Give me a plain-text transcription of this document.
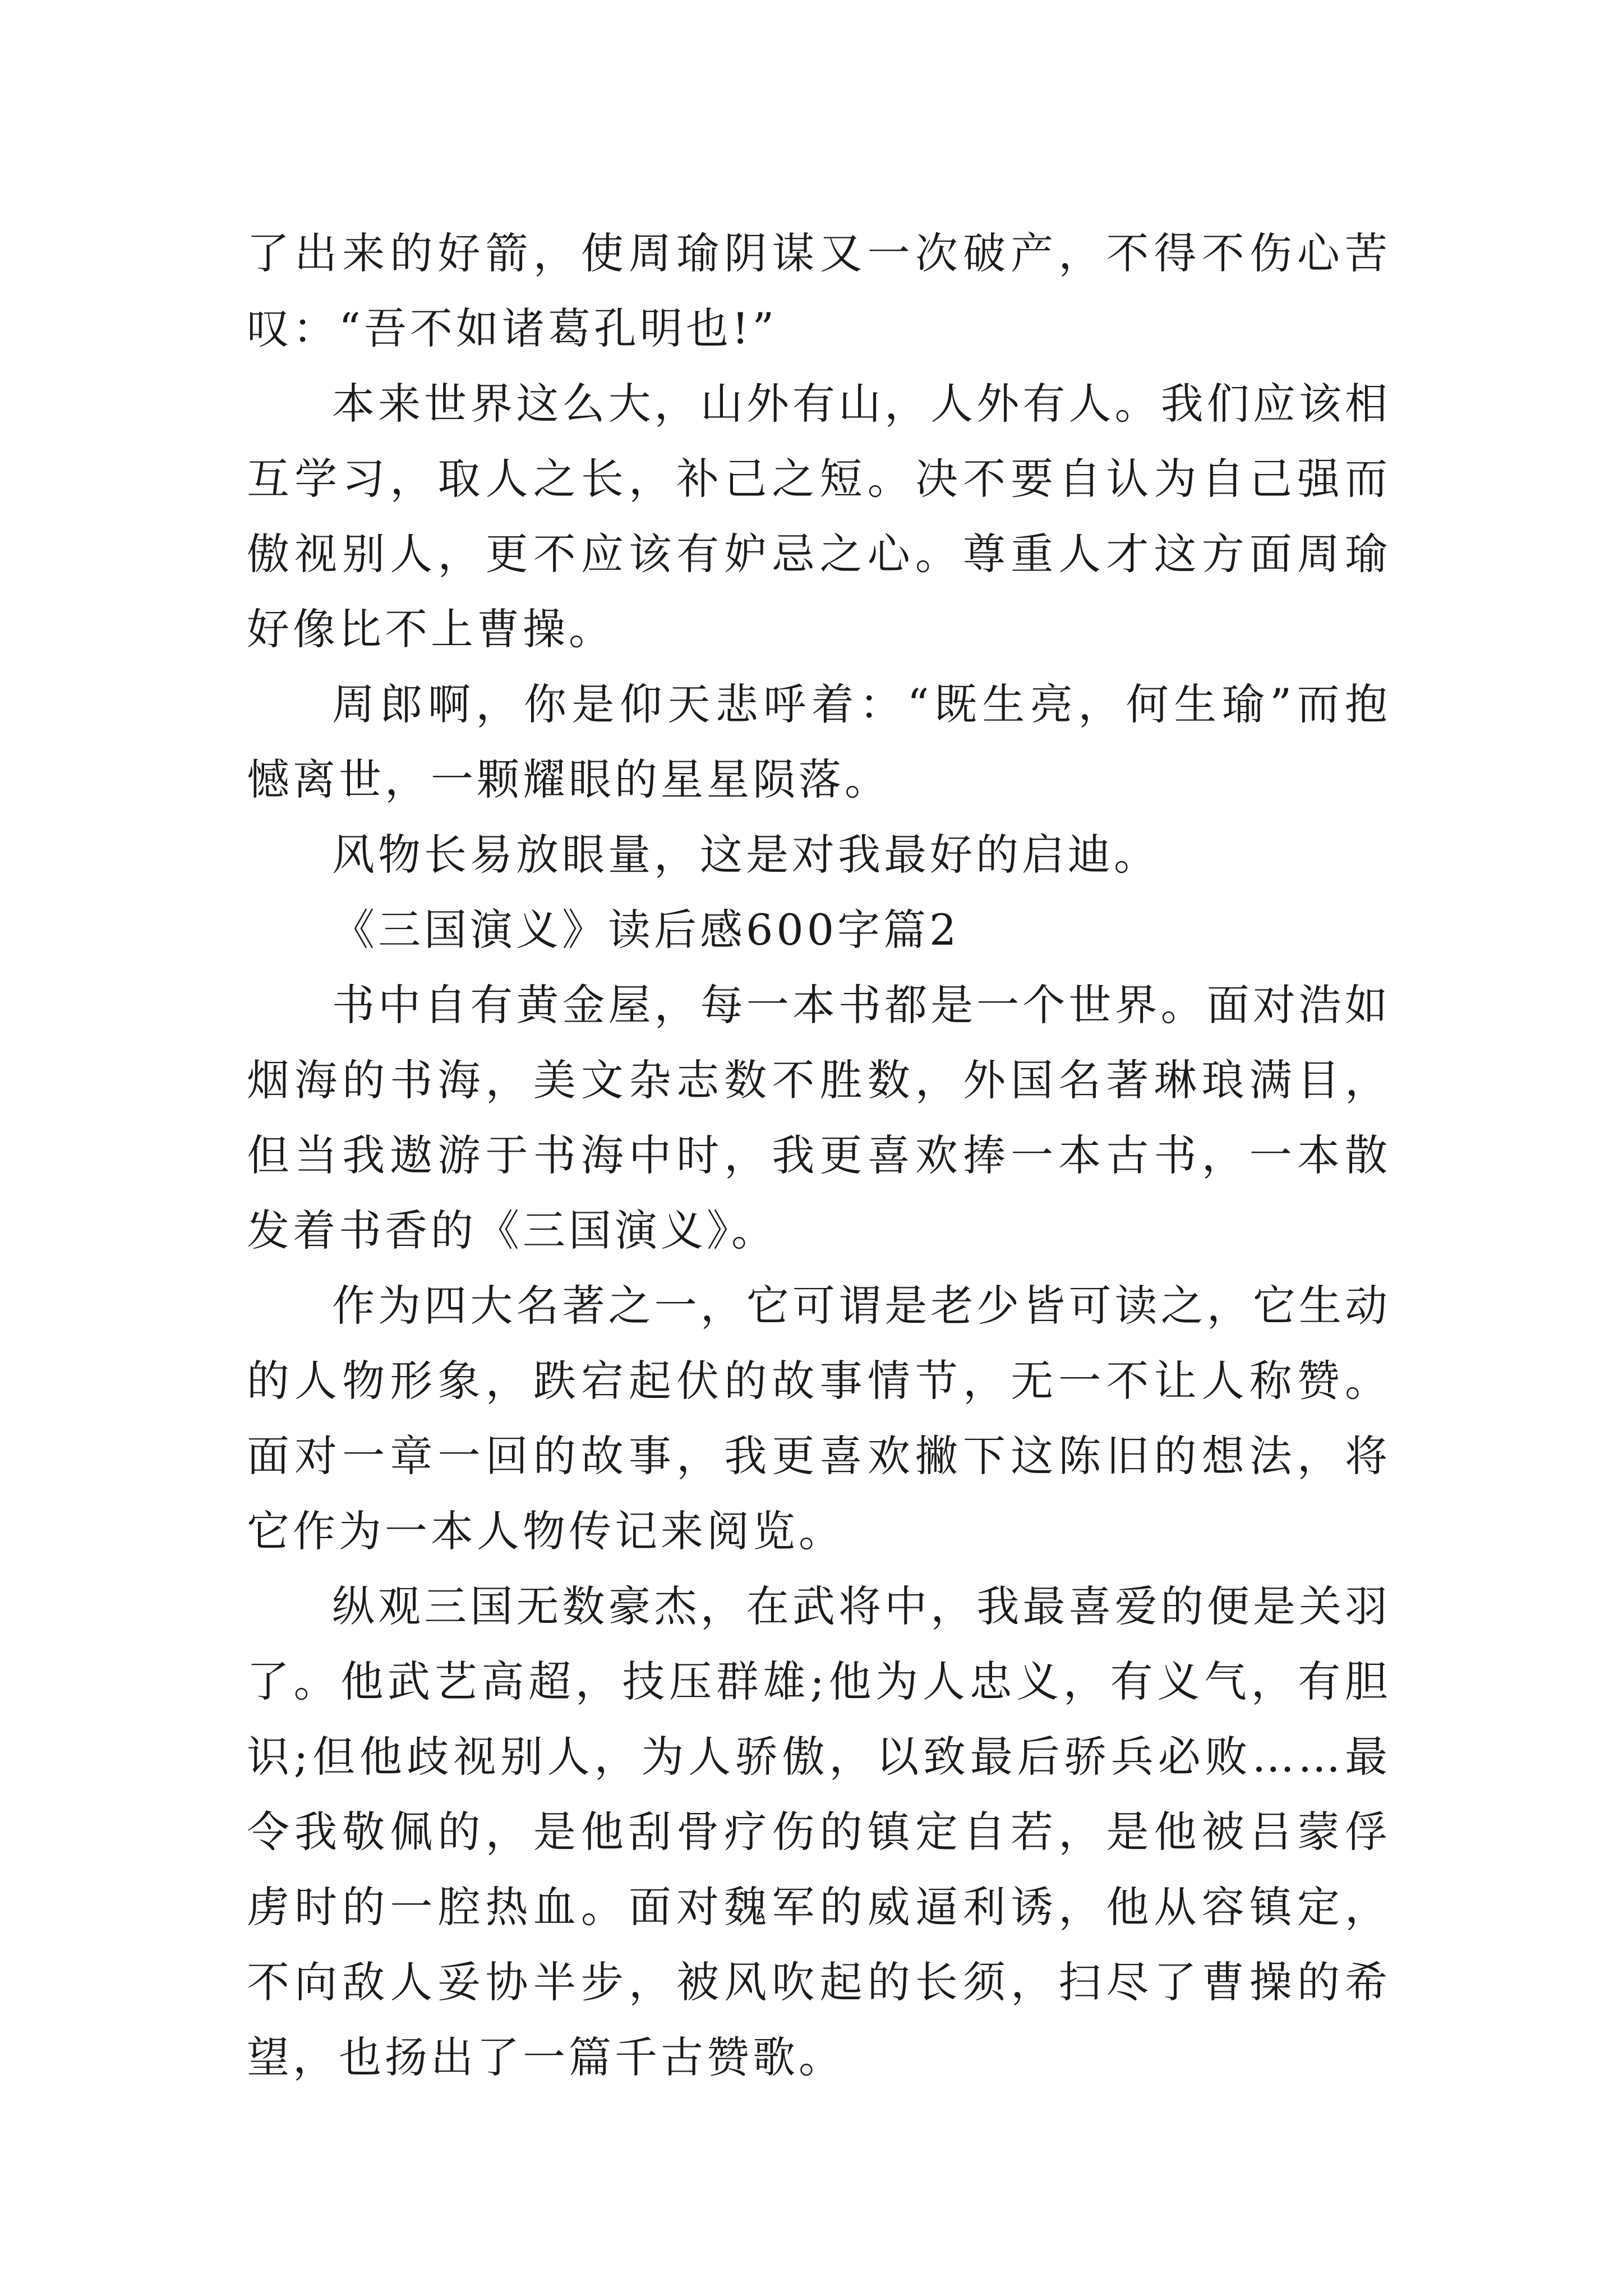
了出来的好箭，使周瑜阴谋又一次破产，不得不伤心苦叹：“吾不如诸葛孔明也!”

本来世界这么大，山外有山，人外有人。我们应该相互学习，取人之长，补己之短。决不要自认为自己强而傲视别人，更不应该有妒忌之心。尊重人才这方面周瑜好像比不上曹操。

周郎啊，你是仰天悲呼着：“既生亮，何生瑜”而抱憾离世，一颗耀眼的星星陨落。

风物长易放眼量，这是对我最好的启迪。

《三国演义》读后感600字篇2

书中自有黄金屋，每一本书都是一个世界。面对浩如烟海的书海，美文杂志数不胜数，外国名著琳琅满目，但当我遨游于书海中时，我更喜欢捧一本古书，一本散发着书香的《三国演义》。

作为四大名著之一，它可谓是老少皆可读之，它生动的人物形象，跌宕起伏的故事情节，无一不让人称赞。面对一章一回的故事，我更喜欢撇下这陈旧的想法，将它作为一本人物传记来阅览。

纵观三国无数豪杰，在武将中，我最喜爱的便是关羽了。他武艺高超，技压群雄;他为人忠义，有义气，有胆识;但他歧视别人，为人骄傲，以致最后骄兵必败……最令我敬佩的，是他刮骨疗伤的镇定自若，是他被吕蒙俘虏时的一腔热血。面对魏军的威逼利诱，他从容镇定，不向敌人妥协半步，被风吹起的长须，扫尽了曹操的希望，也扬出了一篇千古赞歌。
